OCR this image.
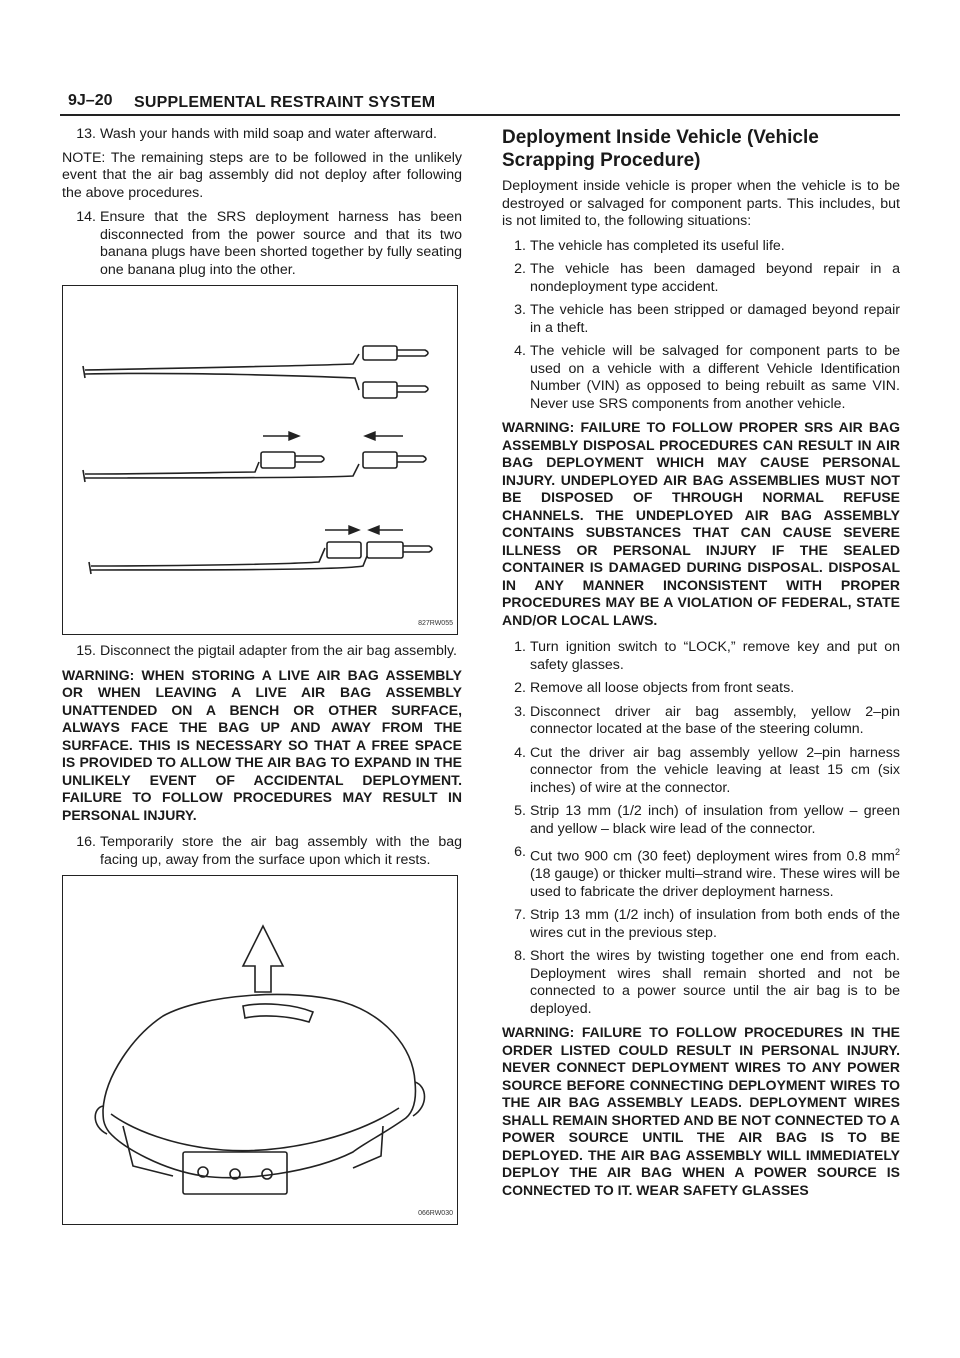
9J–20 SUPPLEMENTAL RESTRAINT SYSTEM
13. Wash your hands with mild soap and water afterward.

NOTE: The remaining steps are to be followed in the unlikely event that the air bag assembly did not deploy after following the above procedures.

14. Ensure that the SRS deployment harness has been disconnected from the power source and that its two banana plugs have been shorted together by fully seating one banana plug into the other.
827RW055
15. Disconnect the pigtail adapter from the air bag assembly.
WARNING: WHEN STORING A LIVE AIR BAG ASSEMBLY OR WHEN LEAVING A LIVE AIR BAG ASSEMBLY UNATTENDED ON A BENCH OR OTHER SURFACE, ALWAYS FACE THE BAG UP AND AWAY FROM THE SURFACE. THIS IS NECESSARY SO THAT A FREE SPACE IS PROVIDED TO ALLOW THE AIR BAG TO EXPAND IN THE UNLIKELY EVENT OF ACCIDENTAL DEPLOYMENT. FAILURE TO FOLLOW PROCEDURES MAY RESULT IN PERSONAL INJURY.
16. Temporarily store the air bag assembly with the bag facing up, away from the surface upon which it rests.
066RW030
Deployment Inside Vehicle (Vehicle Scrapping Procedure)

Deployment inside vehicle is proper when the vehicle is to be destroyed or salvaged for component parts. This includes, but is not limited to, the following situations:

1. The vehicle has completed its useful life.
2. The vehicle has been damaged beyond repair in a nondeployment type accident.
3. The vehicle has been stripped or damaged beyond repair in a theft.
4. The vehicle will be salvaged for component parts to be used on a vehicle with a different Vehicle Identification Number (VIN) as opposed to being rebuilt as same VIN. Never use SRS components from another vehicle.
WARNING: FAILURE TO FOLLOW PROPER SRS AIR BAG ASSEMBLY DISPOSAL PROCEDURES CAN RESULT IN AIR BAG DEPLOYMENT WHICH MAY CAUSE PERSONAL INJURY. UNDEPLOYED AIR BAG ASSEMBLIES MUST NOT BE DISPOSED OF THROUGH NORMAL REFUSE CHANNELS. THE UNDEPLOYED AIR BAG ASSEMBLY CONTAINS SUBSTANCES THAT CAN CAUSE SEVERE ILLNESS OR PERSONAL INJURY IF THE SEALED CONTAINER IS DAMAGED DURING DISPOSAL. DISPOSAL IN ANY MANNER INCONSISTENT WITH PROPER PROCEDURES MAY BE A VIOLATION OF FEDERAL, STATE AND/OR LOCAL LAWS.
1. Turn ignition switch to “LOCK,” remove key and put on safety glasses.
2. Remove all loose objects from front seats.
3. Disconnect driver air bag assembly, yellow 2–pin connector located at the base of the steering column.
4. Cut the driver air bag assembly yellow 2–pin harness connector from the vehicle leaving at least 15 cm (six inches) of wire at the connector.
5. Strip 13 mm (1/2 inch) of insulation from yellow – green and yellow – black wire lead of the connector.
6. Cut two 900 cm (30 feet) deployment wires from 0.8 $mm^2$ (18 gauge) or thicker multi–strand wire. These wires will be used to fabricate the driver deployment harness.
7. Strip 13 mm (1/2 inch) of insulation from both ends of the wires cut in the previous step.
8. Short the wires by twisting together one end from each. Deployment wires shall remain shorted and not be connected to a power source until the air bag is to be deployed.
WARNING: FAILURE TO FOLLOW PROCEDURES IN THE ORDER LISTED COULD RESULT IN PERSONAL INJURY. NEVER CONNECT DEPLOYMENT WIRES TO ANY POWER SOURCE BEFORE CONNECTING DEPLOYMENT WIRES TO THE AIR BAG ASSEMBLY LEADS. DEPLOYMENT WIRES SHALL REMAIN SHORTED AND BE NOT CONNECTED TO A POWER SOURCE UNTIL THE AIR BAG IS TO BE DEPLOYED. THE AIR BAG ASSEMBLY WILL IMMEDIATELY DEPLOY THE AIR BAG WHEN A POWER SOURCE IS CONNECTED TO IT. WEAR SAFETY GLASSES
